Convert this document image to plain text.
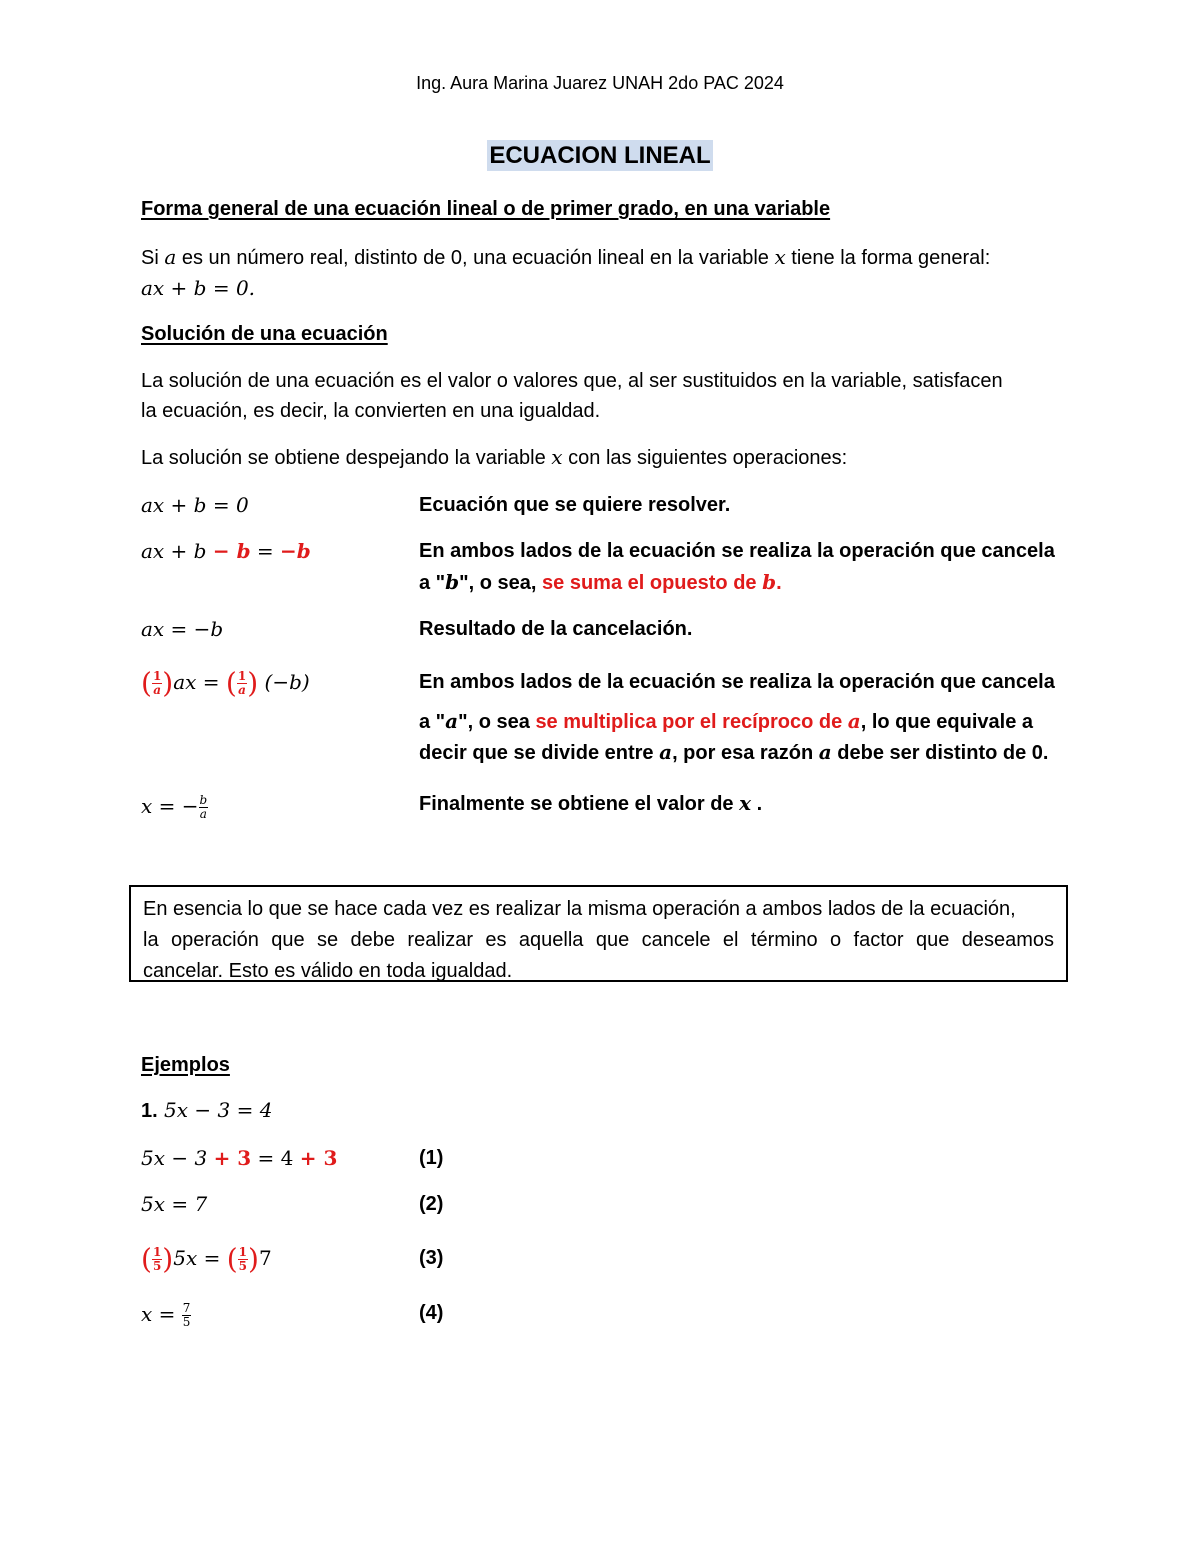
Ing. Aura Marina Juarez UNAH 2do PAC 2024
ECUACION LINEAL
Forma general de una ecuación lineal o de primer grado, en una variable
Si a es un número real, distinto de 0, una ecuación lineal en la variable x tiene la forma general:
ax + b = 0.
Solución de una ecuación
La solución de una ecuación es el valor o valores que, al ser sustituidos en la variable, satisfacen
la ecuación, es decir, la convierten en una igualdad.
La solución se obtiene despejando la variable x con las siguientes operaciones:
ax + b = 0	Ecuación que se quiere resolver.
ax + b − b = −b	En ambos lados de la ecuación se realiza la operación que cancela
a "b", o sea, se suma el opuesto de b.
ax = −b	Resultado de la cancelación.
( $\frac{1}{a} )ax$ = ( $\frac{1}{a}$ ) (−b)	En ambos lados de la ecuación se realiza la operación que cancela
a "a", o sea se multiplica por el recíproco de a, lo que equivale a
decir que se divide entre a, por esa razón a debe ser distinto de 0.
x = − $\frac{b}{a}$	Finalmente se obtiene el valor de x .
En esencia lo que se hace cada vez es realizar la misma operación a ambos lados de la ecuación,
la operación que se debe realizar es aquella que cancele el término o factor que deseamos
cancelar. Esto es válido en toda igualdad.
Ejemplos
1. 5x − 3 = 4
5x − 3 + 3 = 4 + 3	(1)
5x = 7	(2)
( $\frac{1}{5} )5x$ = ( $\frac{1}{5} )7$	(3)
$x = \frac{7}{5}$	(4)
